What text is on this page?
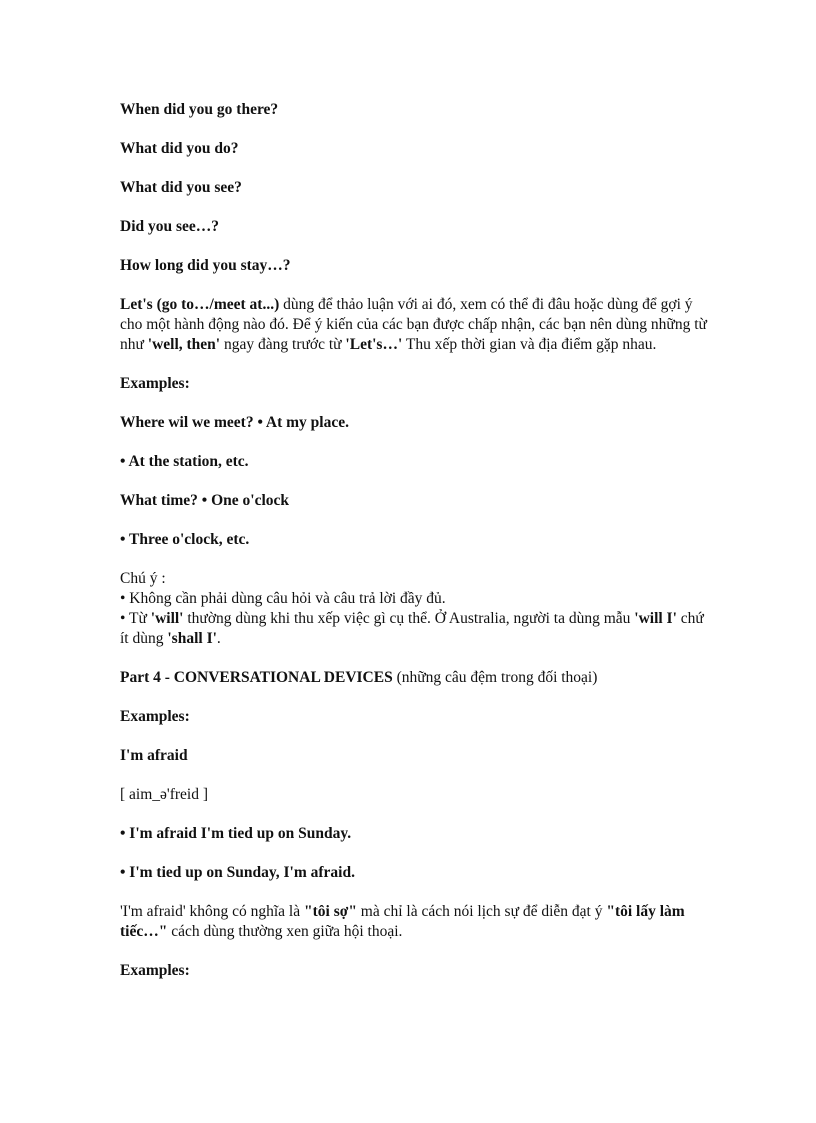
When did you go there?

What did you do?

What did you see?

Did you see…?

How long did you stay…?

Let's (go to…/meet at...) dùng để thảo luận với ai đó, xem có thể đi đâu hoặc dùng để gợi ý cho một hành động nào đó. Để ý kiến của các bạn được chấp nhận, các bạn nên dùng những từ như 'well, then' ngay đàng trước từ 'Let's…' Thu xếp thời gian và địa điểm gặp nhau.

Examples:

Where wil we meet? • At my place.

• At the station, etc.

What time? • One o'clock

• Three o'clock, etc.

Chú ý :
• Không cần phải dùng câu hỏi và câu trả lời đầy đủ.
• Từ 'will' thường dùng khi thu xếp việc gì cụ thể. Ở Australia, người ta dùng mẫu 'will I' chứ ít dùng 'shall I'.

Part 4 - CONVERSATIONAL DEVICES (những câu đệm trong đối thoại)

Examples:

I'm afraid

[ aim_ə'freid ]

• I'm afraid I'm tied up on Sunday.

• I'm tied up on Sunday, I'm afraid.

'I'm afraid' không có nghĩa là "tôi sợ" mà chỉ là cách nói lịch sự để diễn đạt ý "tôi lấy làm tiếc…" cách dùng thường xen giữa hội thoại.

Examples:
